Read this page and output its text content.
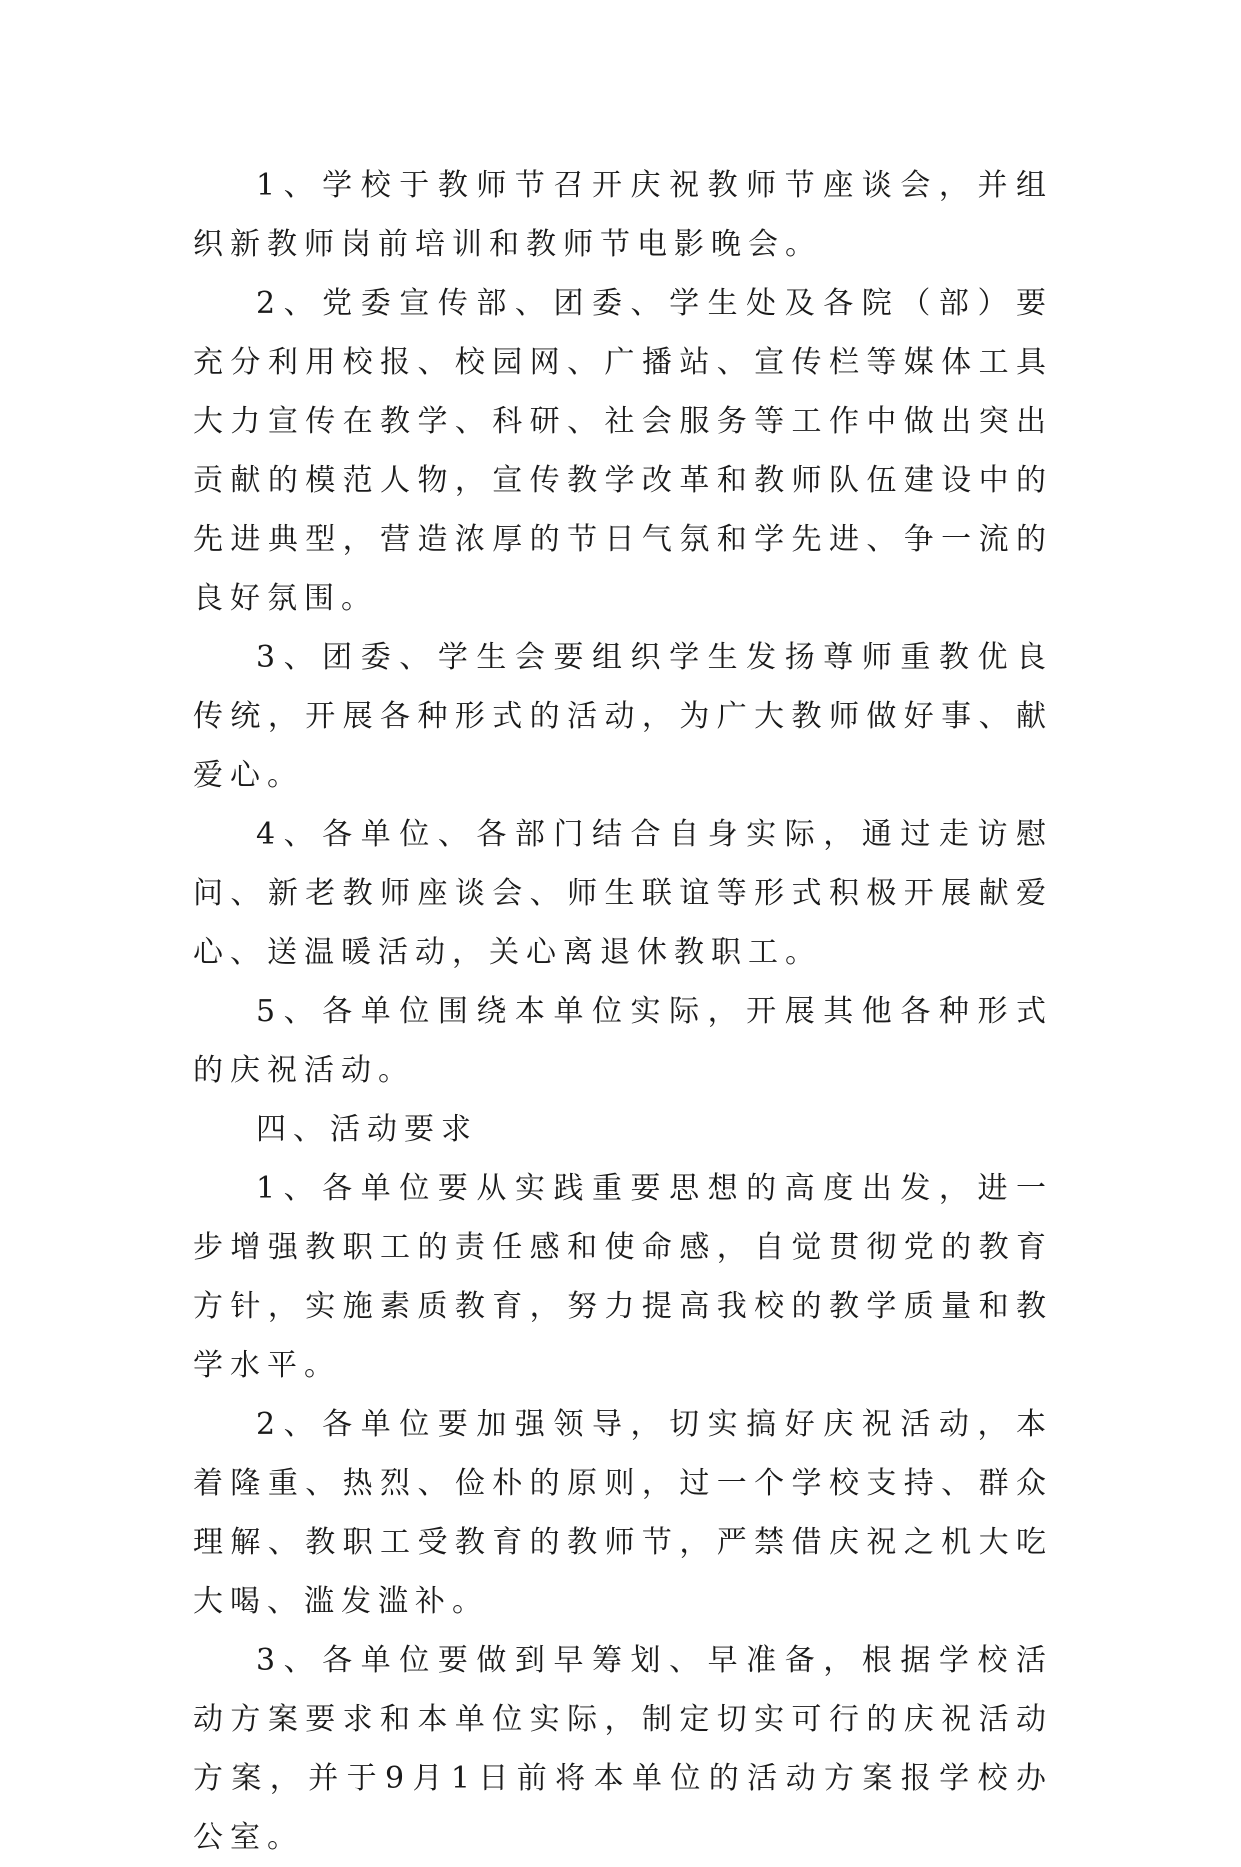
1、学校于教师节召开庆祝教师节座谈会，并组织新教师岗前培训和教师节电影晚会。

2、党委宣传部、团委、学生处及各院（部）要充分利用校报、校园网、广播站、宣传栏等媒体工具大力宣传在教学、科研、社会服务等工作中做出突出贡献的模范人物，宣传教学改革和教师队伍建设中的先进典型，营造浓厚的节日气氛和学先进、争一流的良好氛围。

3、团委、学生会要组织学生发扬尊师重教优良传统，开展各种形式的活动，为广大教师做好事、献爱心。

4、各单位、各部门结合自身实际，通过走访慰问、新老教师座谈会、师生联谊等形式积极开展献爱心、送温暖活动，关心离退休教职工。

5、各单位围绕本单位实际，开展其他各种形式的庆祝活动。

四、活动要求

1、各单位要从实践重要思想的高度出发，进一步增强教职工的责任感和使命感，自觉贯彻党的教育方针，实施素质教育，努力提高我校的教学质量和教学水平。

2、各单位要加强领导，切实搞好庆祝活动，本着隆重、热烈、俭朴的原则，过一个学校支持、群众理解、教职工受教育的教师节，严禁借庆祝之机大吃大喝、滥发滥补。

3、各单位要做到早筹划、早准备，根据学校活动方案要求和本单位实际，制定切实可行的庆祝活动方案，并于9月1日前将本单位的活动方案报学校办公室。
